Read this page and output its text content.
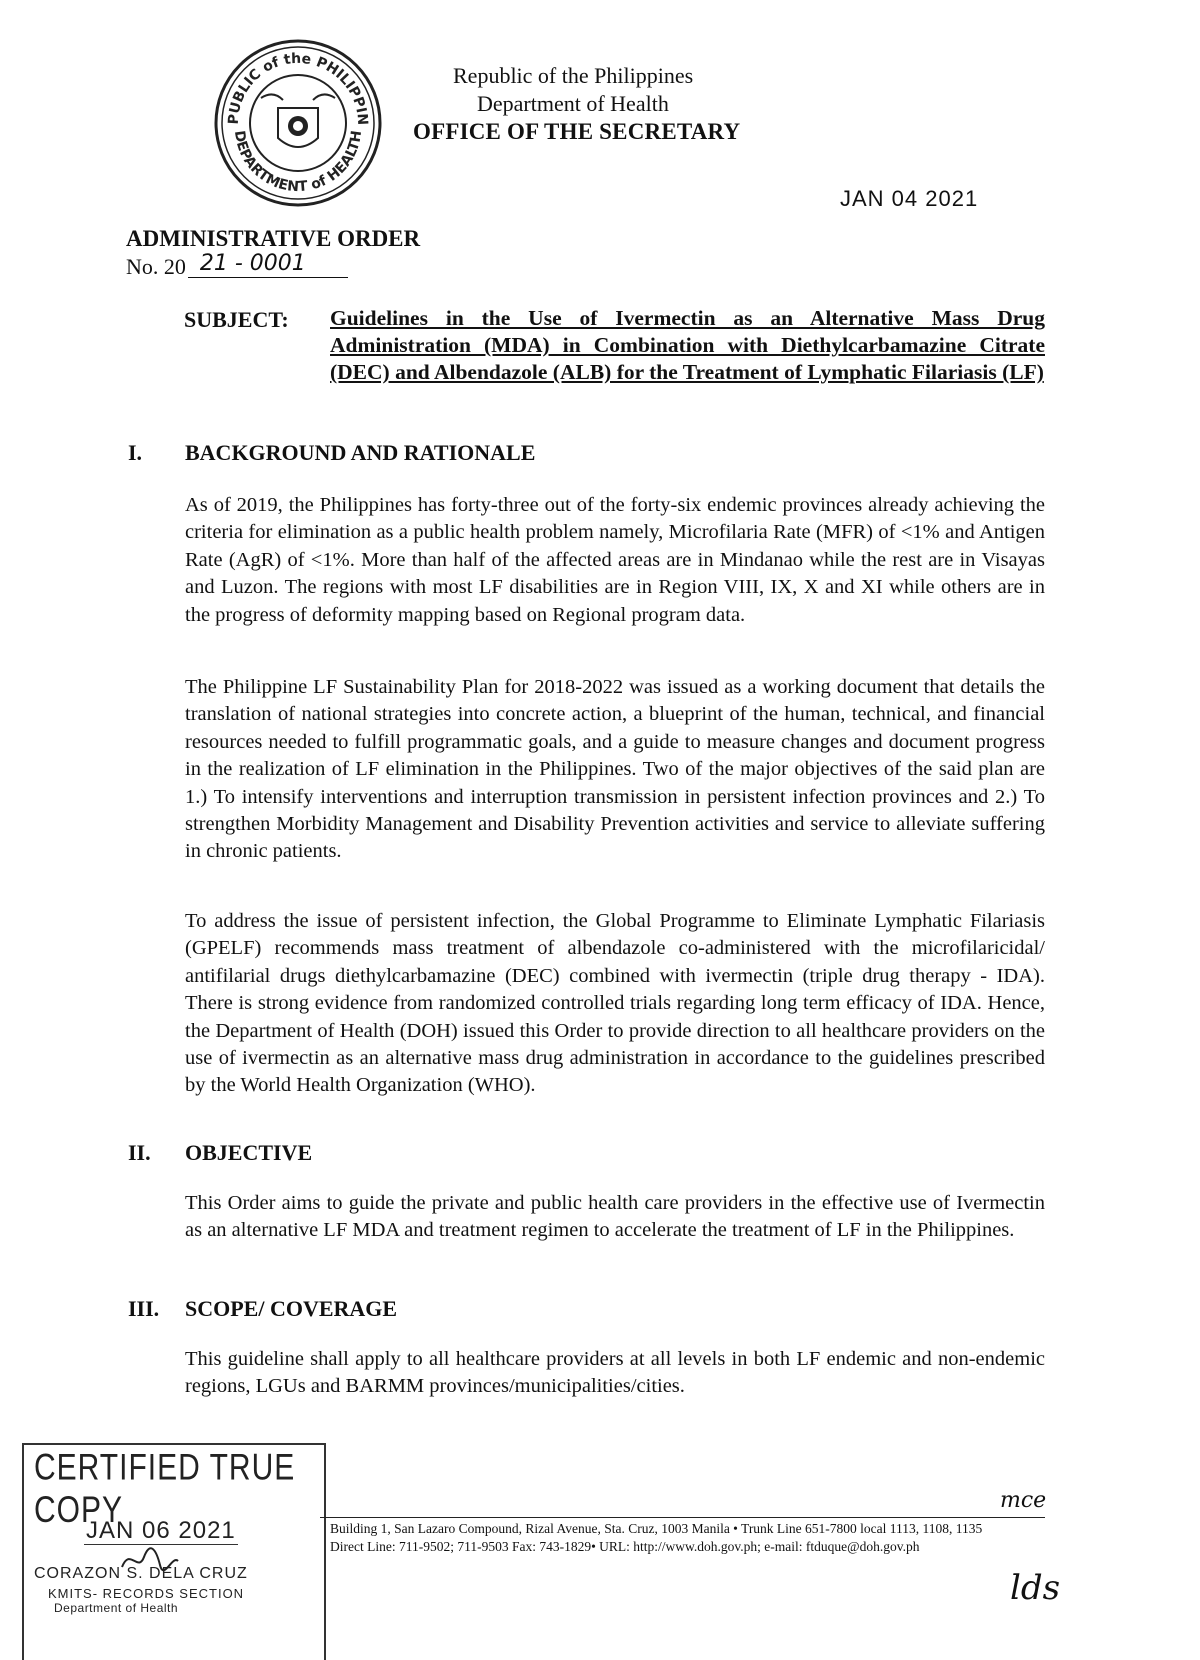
PUBLIC of the PHILIPPIN
DEPARTMENT of HEALTH
Republic of the Philippines
Department of Health
OFFICE OF THE SECRETARY
JAN 04 2021
ADMINISTRATIVE ORDER
No. 20 21 - 0001
SUBJECT: Guidelines in the Use of Ivermectin as an Alternative Mass Drug Administration (MDA) in Combination with Diethylcarbamazine Citrate (DEC) and Albendazole (ALB) for the Treatment of Lymphatic Filariasis (LF)
I. BACKGROUND AND RATIONALE

As of 2019, the Philippines has forty-three out of the forty-six endemic provinces already achieving the criteria for elimination as a public health problem namely, Microfilaria Rate (MFR) of <1% and Antigen Rate (AgR) of <1%. More than half of the affected areas are in Mindanao while the rest are in Visayas and Luzon. The regions with most LF disabilities are in Region VIII, IX, X and XI while others are in the progress of deformity mapping based on Regional program data.

The Philippine LF Sustainability Plan for 2018-2022 was issued as a working document that details the translation of national strategies into concrete action, a blueprint of the human, technical, and financial resources needed to fulfill programmatic goals, and a guide to measure changes and document progress in the realization of LF elimination in the Philippines. Two of the major objectives of the said plan are 1.) To intensify interventions and interruption transmission in persistent infection provinces and 2.) To strengthen Morbidity Management and Disability Prevention activities and service to alleviate suffering in chronic patients.

To address the issue of persistent infection, the Global Programme to Eliminate Lymphatic Filariasis (GPELF) recommends mass treatment of albendazole co-administered with the microfilaricidal/ antifilarial drugs diethylcarbamazine (DEC) combined with ivermectin (triple drug therapy - IDA). There is strong evidence from randomized controlled trials regarding long term efficacy of IDA. Hence, the Department of Health (DOH) issued this Order to provide direction to all healthcare providers on the use of ivermectin as an alternative mass drug administration in accordance to the guidelines prescribed by the World Health Organization (WHO).

II. OBJECTIVE

This Order aims to guide the private and public health care providers in the effective use of Ivermectin as an alternative LF MDA and treatment regimen to accelerate the treatment of LF in the Philippines.

III. SCOPE/ COVERAGE

This guideline shall apply to all healthcare providers at all levels in both LF endemic and non-endemic regions, LGUs and BARMM provinces/municipalities/cities.

CERTIFIED TRUE COPY
JAN 06 2021
CORAZON S. DELA CRUZ
KMITS- RECORDS SECTION
Department of Health
mce
Building 1, San Lazaro Compound, Rizal Avenue, Sta. Cruz, 1003 Manila • Trunk Line 651-7800 local 1113, 1108, 1135
Direct Line: 711-9502; 711-9503 Fax: 743-1829• URL: http://www.doh.gov.ph; e-mail: ftduque@doh.gov.ph
lds
